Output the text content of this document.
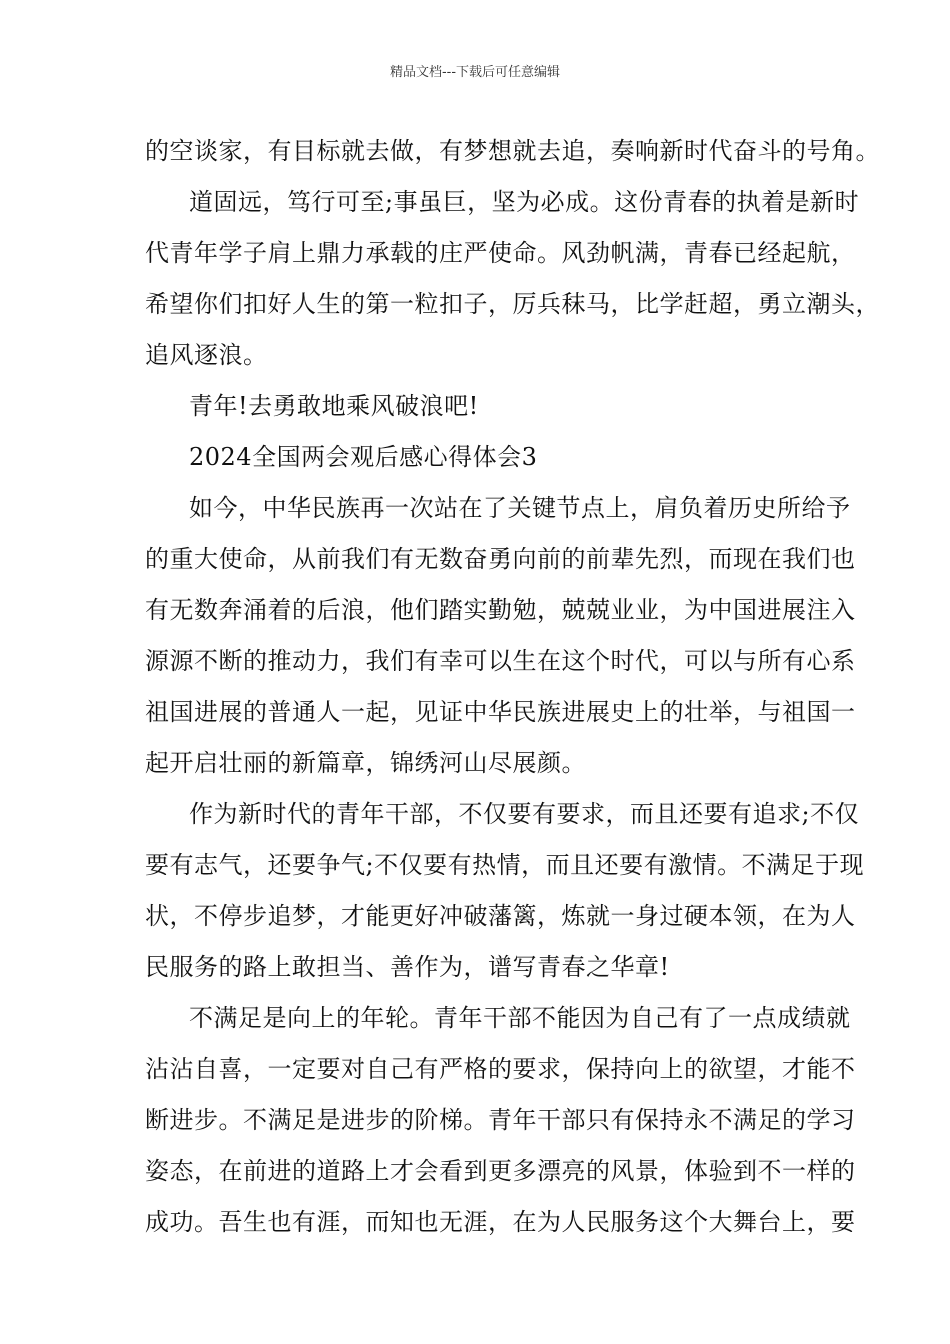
精品文档---下载后可任意编辑
的空谈家，有目标就去做，有梦想就去追，奏响新时代奋斗的号角。
道固远，笃行可至;事虽巨，坚为必成。这份青春的执着是新时
代青年学子肩上鼎力承载的庄严使命。风劲帆满，青春已经起航，
希望你们扣好人生的第一粒扣子，厉兵秣马，比学赶超，勇立潮头，
追风逐浪。
青年!去勇敢地乘风破浪吧!
2024全国两会观后感心得体会3
如今，中华民族再一次站在了关键节点上，肩负着历史所给予
的重大使命，从前我们有无数奋勇向前的前辈先烈，而现在我们也
有无数奔涌着的后浪，他们踏实勤勉，兢兢业业，为中国进展注入
源源不断的推动力，我们有幸可以生在这个时代，可以与所有心系
祖国进展的普通人一起，见证中华民族进展史上的壮举，与祖国一
起开启壮丽的新篇章，锦绣河山尽展颜。
作为新时代的青年干部，不仅要有要求，而且还要有追求;不仅
要有志气，还要争气;不仅要有热情，而且还要有激情。不满足于现
状，不停步追梦，才能更好冲破藩篱，炼就一身过硬本领，在为人
民服务的路上敢担当、善作为，谱写青春之华章!
不满足是向上的年轮。青年干部不能因为自己有了一点成绩就
沾沾自喜，一定要对自己有严格的要求，保持向上的欲望，才能不
断进步。不满足是进步的阶梯。青年干部只有保持永不满足的学习
姿态，在前进的道路上才会看到更多漂亮的风景，体验到不一样的
成功。吾生也有涯，而知也无涯，在为人民服务这个大舞台上，要
